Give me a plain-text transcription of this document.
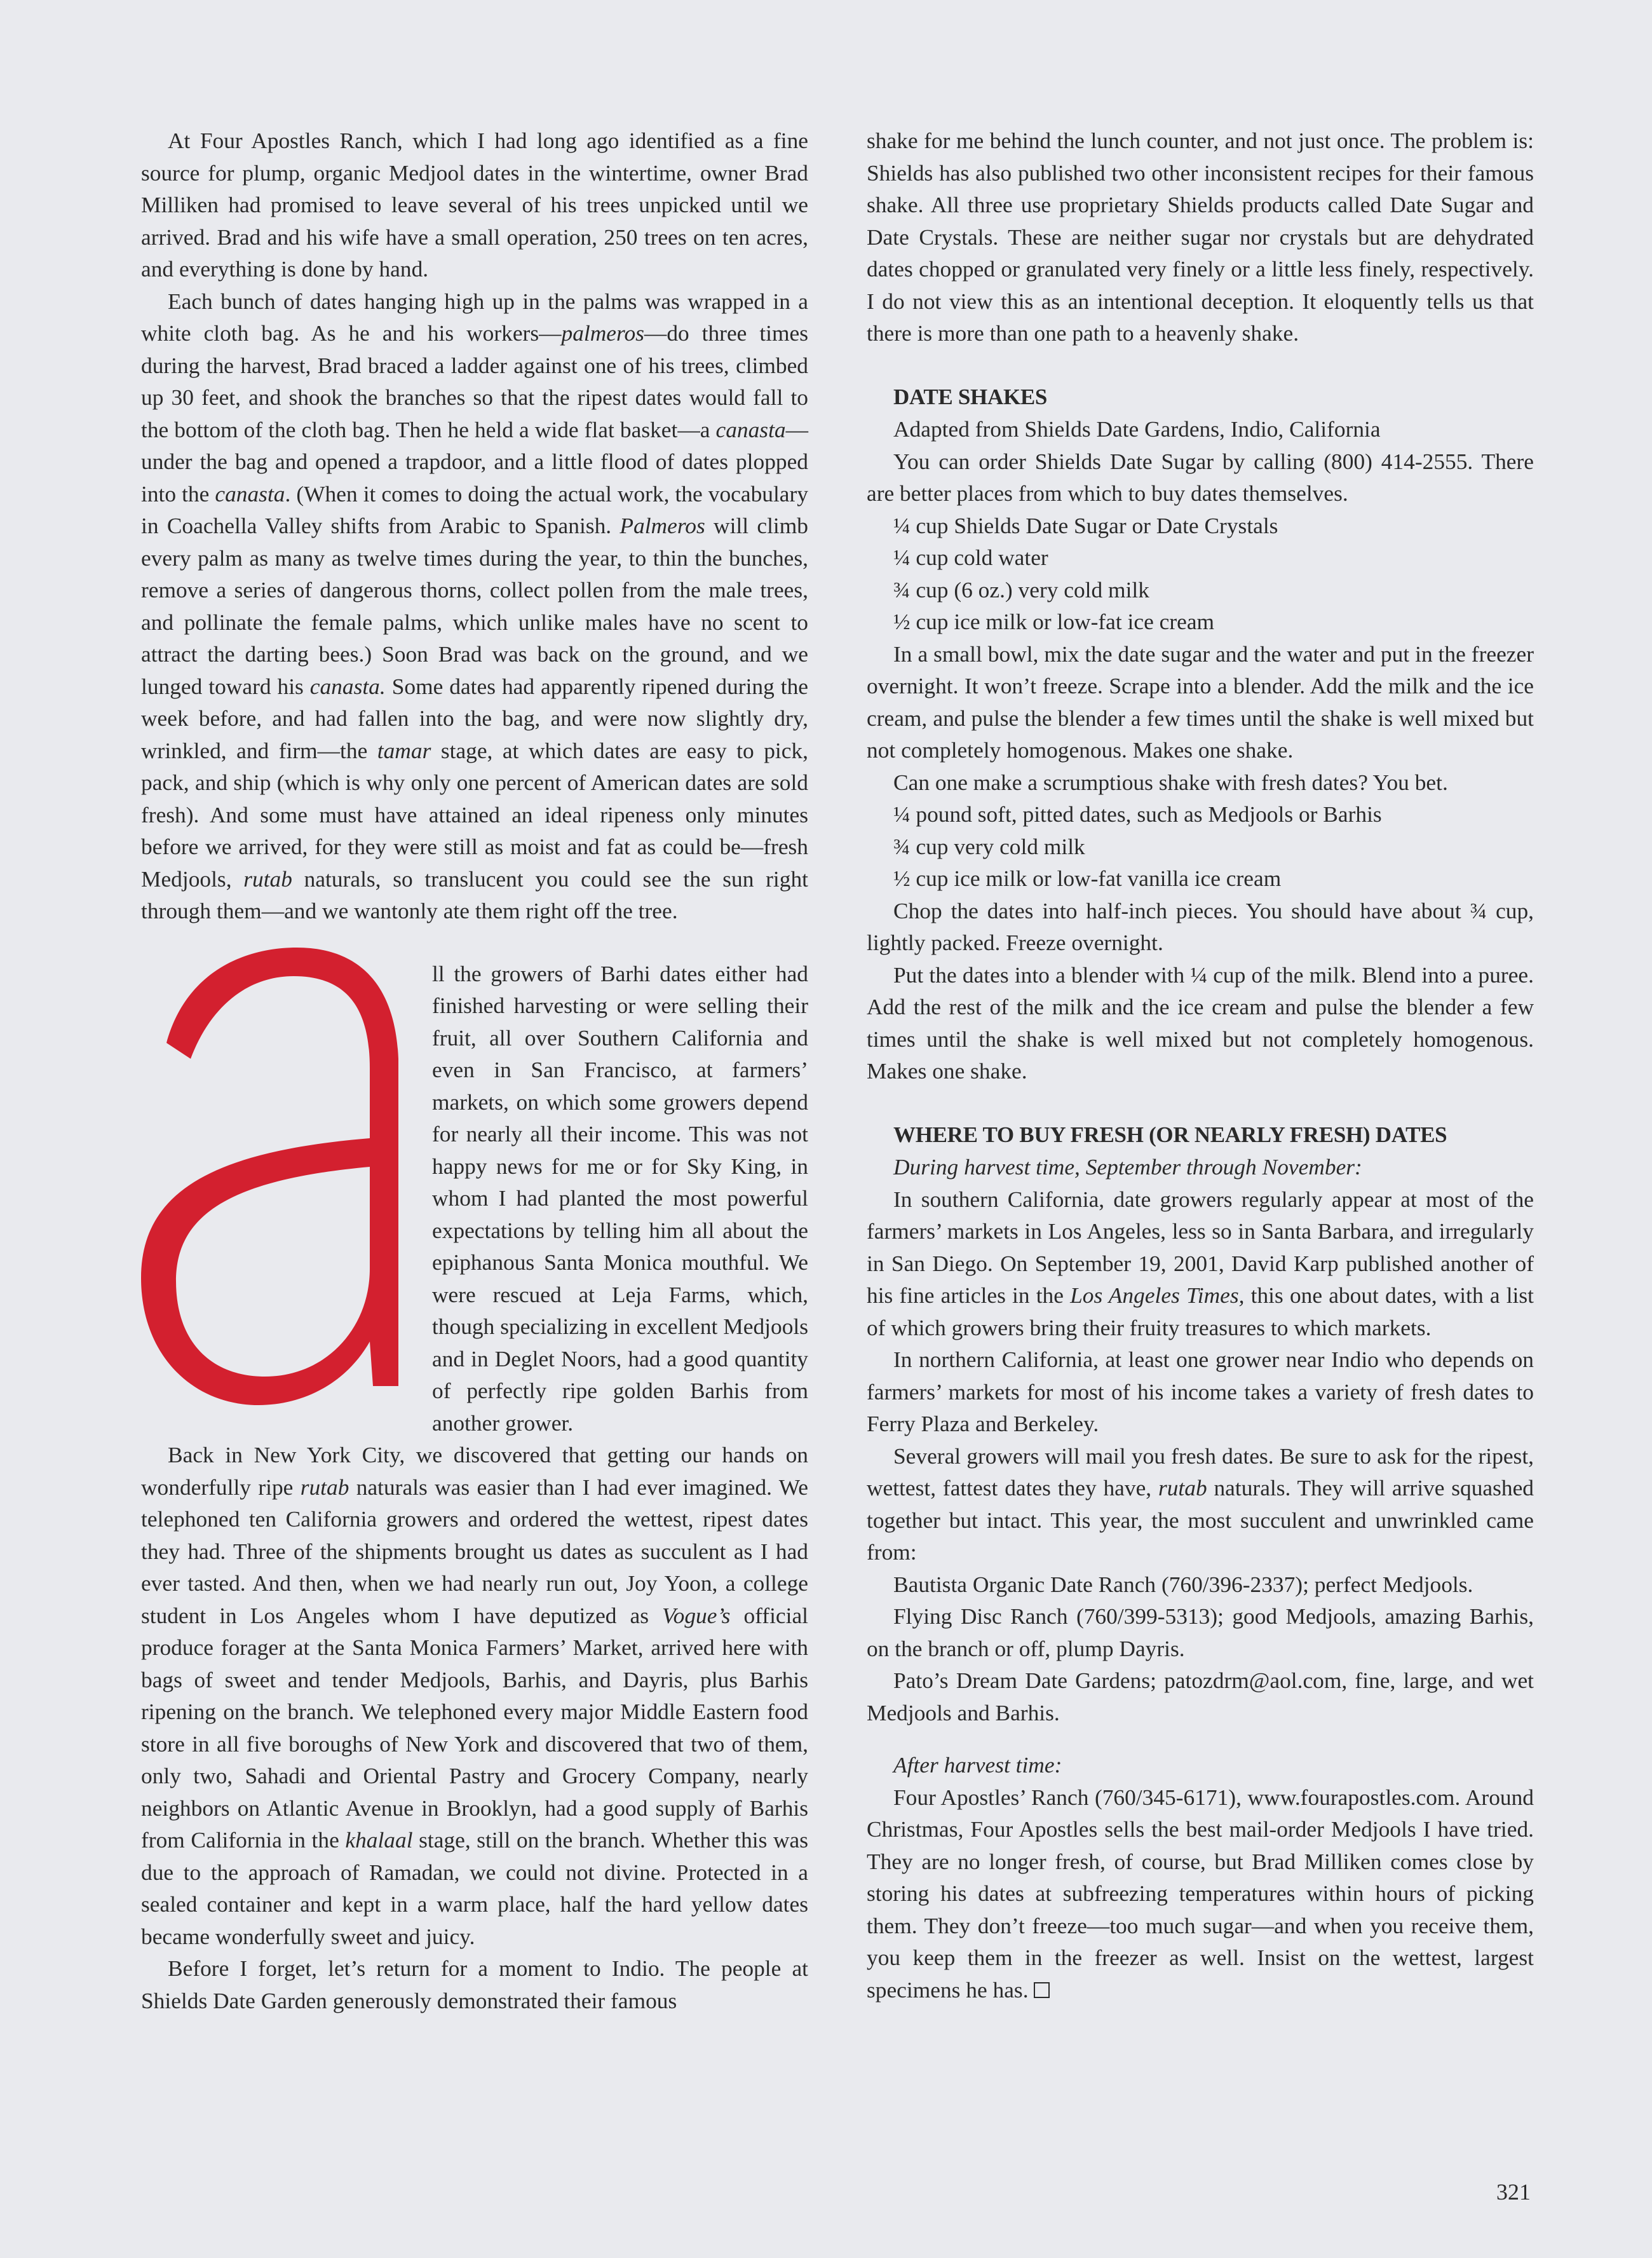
At Four Apostles Ranch, which I had long ago identified as a fine source for plump, organic Medjool dates in the wintertime, owner Brad Milliken had promised to leave several of his trees unpicked until we arrived. Brad and his wife have a small operation, 250 trees on ten acres, and everything is done by hand.

Each bunch of dates hanging high up in the palms was wrapped in a white cloth bag. As he and his workers—palmeros—do three times during the harvest, Brad braced a ladder against one of his trees, climbed up 30 feet, and shook the branches so that the ripest dates would fall to the bottom of the cloth bag. Then he held a wide flat basket—a canasta—under the bag and opened a trapdoor, and a little flood of dates plopped into the canasta. (When it comes to doing the actual work, the vocabulary in Coachella Valley shifts from Arabic to Spanish. Palmeros will climb every palm as many as twelve times during the year, to thin the bunches, remove a series of dangerous thorns, collect pollen from the male trees, and pollinate the female palms, which unlike males have no scent to attract the darting bees.) Soon Brad was back on the ground, and we lunged toward his canasta. Some dates had apparently ripened during the week before, and had fallen into the bag, and were now slightly dry, wrinkled, and firm—the tamar stage, at which dates are easy to pick, pack, and ship (which is why only one percent of American dates are sold fresh). And some must have attained an ideal ripeness only minutes before we arrived, for they were still as moist and fat as could be—fresh Medjools, rutab naturals, so translucent you could see the sun right through them—and we wantonly ate them right off the tree.

ll the growers of Barhi dates either had finished harvesting or were selling their fruit, all over Southern California and even in San Francisco, at farmers’ markets, on which some growers depend for nearly all their income. This was not happy news for me or for Sky King, in whom I had planted the most powerful expectations by telling him all about the epiphanous Santa Monica mouthful. We were rescued at Leja Farms, which, though specializing in excellent Medjools and in Deglet Noors, had a good quantity of perfectly ripe golden Barhis from another grower.

Back in New York City, we discovered that getting our hands on wonderfully ripe rutab naturals was easier than I had ever imagined. We telephoned ten California growers and ordered the wettest, ripest dates they had. Three of the shipments brought us dates as succulent as I had ever tasted. And then, when we had nearly run out, Joy Yoon, a college student in Los Angeles whom I have deputized as Vogue’s official produce forager at the Santa Monica Farmers’ Market, arrived here with bags of sweet and tender Medjools, Barhis, and Dayris, plus Barhis ripening on the branch. We telephoned every major Middle Eastern food store in all five boroughs of New York and discovered that two of them, only two, Sahadi and Oriental Pastry and Grocery Company, nearly neighbors on Atlantic Avenue in Brooklyn, had a good supply of Barhis from California in the khalaal stage, still on the branch. Whether this was due to the approach of Ramadan, we could not divine. Protected in a sealed container and kept in a warm place, half the hard yellow dates became wonderfully sweet and juicy.

Before I forget, let’s return for a moment to Indio. The people at Shields Date Garden generously demonstrated their famous

shake for me behind the lunch counter, and not just once. The problem is: Shields has also published two other inconsistent recipes for their famous shake. All three use proprietary Shields products called Date Sugar and Date Crystals. These are neither sugar nor crystals but are dehydrated dates chopped or granulated very finely or a little less finely, respectively. I do not view this as an intentional deception. It eloquently tells us that there is more than one path to a heavenly shake.

DATE SHAKES

Adapted from Shields Date Gardens, Indio, California

You can order Shields Date Sugar by calling (800) 414-2555. There are better places from which to buy dates themselves.

¼ cup Shields Date Sugar or Date Crystals

¼ cup cold water

¾ cup (6 oz.) very cold milk

½ cup ice milk or low-fat ice cream

In a small bowl, mix the date sugar and the water and put in the freezer overnight. It won’t freeze. Scrape into a blender. Add the milk and the ice cream, and pulse the blender a few times until the shake is well mixed but not completely homogenous. Makes one shake.

Can one make a scrumptious shake with fresh dates? You bet.

¼ pound soft, pitted dates, such as Medjools or Barhis

¾ cup very cold milk

½ cup ice milk or low-fat vanilla ice cream

Chop the dates into half-inch pieces. You should have about ¾ cup, lightly packed. Freeze overnight.

Put the dates into a blender with ¼ cup of the milk. Blend into a puree. Add the rest of the milk and the ice cream and pulse the blender a few times until the shake is well mixed but not completely homogenous. Makes one shake.

WHERE TO BUY FRESH (OR NEARLY FRESH) DATES

During harvest time, September through November:

In southern California, date growers regularly appear at most of the farmers’ markets in Los Angeles, less so in Santa Barbara, and irregularly in San Diego. On September 19, 2001, David Karp published another of his fine articles in the Los Angeles Times, this one about dates, with a list of which growers bring their fruity treasures to which markets.

In northern California, at least one grower near Indio who depends on farmers’ markets for most of his income takes a variety of fresh dates to Ferry Plaza and Berkeley.

Several growers will mail you fresh dates. Be sure to ask for the ripest, wettest, fattest dates they have, rutab naturals. They will arrive squashed together but intact. This year, the most succulent and unwrinkled came from:

Bautista Organic Date Ranch (760/396-2337); perfect Medjools.

Flying Disc Ranch (760/399-5313); good Medjools, amazing Barhis, on the branch or off, plump Dayris.

Pato’s Dream Date Gardens; patozdrm@aol.com, fine, large, and wet Medjools and Barhis.

After harvest time:

Four Apostles’ Ranch (760/345-6171), www.fourapostles.com. Around Christmas, Four Apostles sells the best mail-order Medjools I have tried. They are no longer fresh, of course, but Brad Milliken comes close by storing his dates at subfreezing temperatures within hours of picking them. They don’t freeze—too much sugar—and when you receive them, you keep them in the freezer as well. Insist on the wettest, largest specimens he has.

321
